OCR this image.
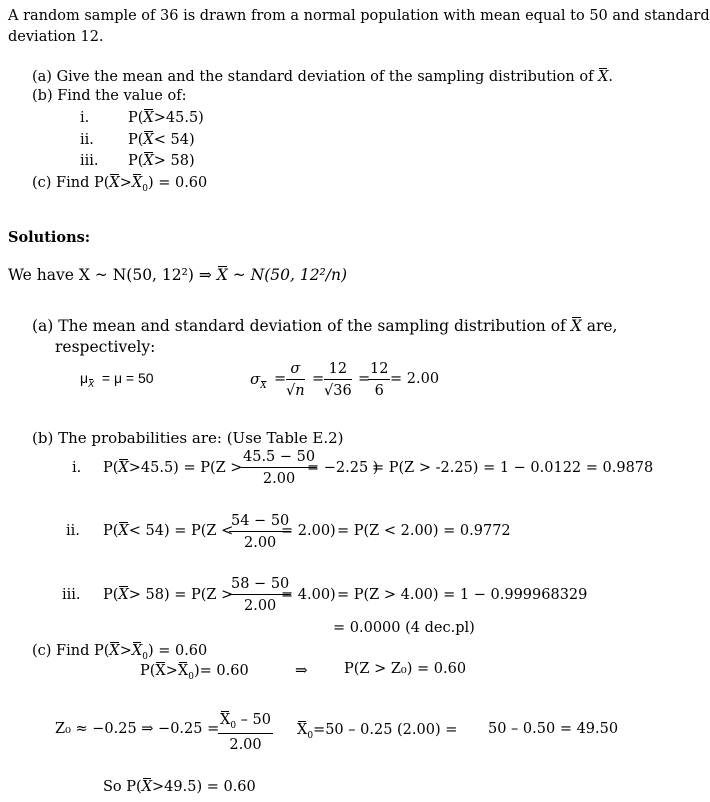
A random sample of 36 is drawn from a normal population with mean equal to 50 and standard
deviation 12.
(a) Give the mean and the standard deviation of the sampling distribution of X.
(b) Find the value of:
i.	P(X>45.5)
ii. P(X< 54)
iii. P(X> 58)
(c) Find $P(X>X_0) = 0.60$
Solutions:
We have X ~ N(50, 12²) ⇒ X ~ N(50, 12²/n)
(a) The mean and standard deviation of the sampling distribution of X are,
respectively:
$\mu_X = \mu = 50$	$\sigma_X = \frac{\sigma}{√n} = \frac{12}{√36}$ =
$\frac{12}{6} = 2.00$
(b) The probabilities are: (Use Table E.2)
i. P(X>45.5) = P(Z >
$\frac{45.5 - 50}{2.00}$
= −2.25 )
= P(Z > -2.25) = 1 − 0.0122 = 0.9878
ii. P(X< 54) = P(Z <
$\frac{54 - 50}{2.00}$
= 2.00) = P(Z < 2.00) = 0.9772
iii. P(X> 58) = P(Z >
$\frac{58 - 50}{2.00}$
= 4.00) = P(Z > 4.00) = 1 − 0.999968329
= 0.0000 (4 dec.pl)
(c) Find $P(X>X_0) = 0.60$
$P(X>X_0)= 0.60$	⇒	P(Z > Z₀) = 0.60
Z₀ ≈ −0.25 ⇒ −0.25 =
$\frac{X_0 - 50}{2.00} X_0=50 - 0.25$ (2.00) = 50 – 0.50 = 49.50
So P(X>49.5) = 0.60
